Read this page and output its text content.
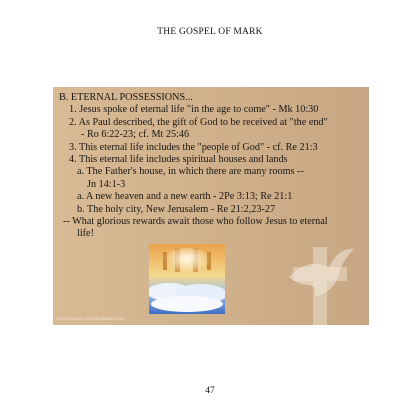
THE GOSPEL OF MARK
B. ETERNAL POSSESSIONS...
1. Jesus spoke of eternal life "in the age to come" - Mk 10:30
2. As Paul described, the gift of God to be received at "the end"
- Ro 6:22-23; cf. Mt 25:46
3. This eternal life includes the "people of God" - cf. Re 21:3
4. This eternal life includes spiritual houses and lands
a. The Father's house, in which there are many rooms --
Jn 14:1-3
a. A new heaven and a new earth - 2Pe 3:13; Re 21:1
b. The holy city, New Jerusalem - Re 21:2,23-27
-- What glorious rewards await those who follow Jesus to eternal
life!
w.free-power-point-templates.com
47
